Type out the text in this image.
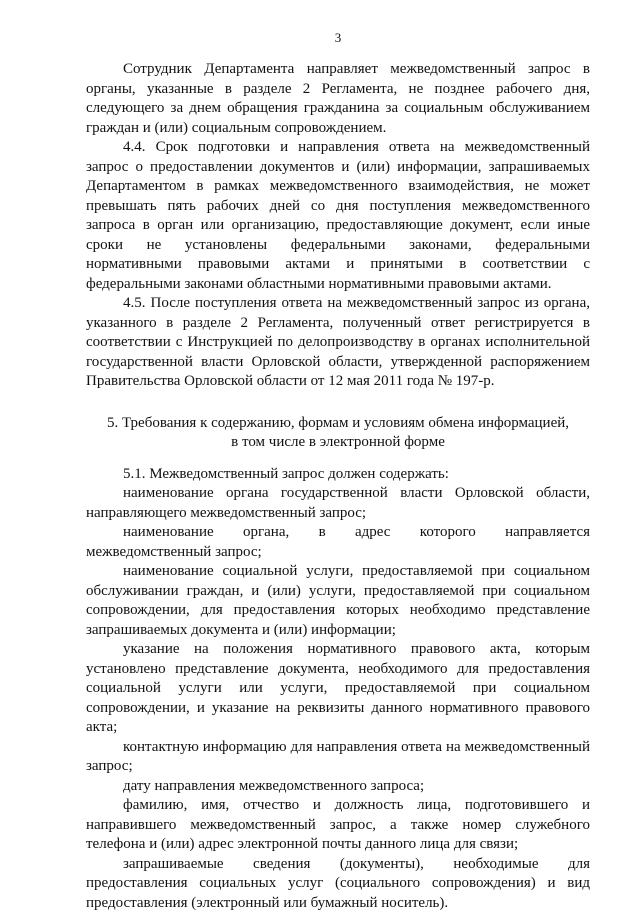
3

Сотрудник Департамента направляет межведомственный запрос в органы, указанные в разделе 2 Регламента, не позднее рабочего дня, следующего за днем обращения гражданина за социальным обслуживанием граждан и (или) социальным сопровождением.

4.4. Срок подготовки и направления ответа на межведомственный запрос о предоставлении документов и (или) информации, запрашиваемых Департаментом в рамках межведомственного взаимодействия, не может превышать пять рабочих дней со дня поступления межведомственного запроса в орган или организацию, предоставляющие документ, если иные сроки не установлены федеральными законами, федеральными нормативными правовыми актами и принятыми в соответствии с федеральными законами областными нормативными правовыми актами.

4.5. После поступления ответа на межведомственный запрос из органа, указанного в разделе 2 Регламента, полученный ответ регистрируется в соответствии с Инструкцией по делопроизводству в органах исполнительной государственной власти Орловской области, утвержденной распоряжением Правительства Орловской области от 12 мая 2011 года № 197-р.

5. Требования к содержанию, формам и условиям обмена информацией,
в том числе в электронной форме

5.1. Межведомственный запрос должен содержать:

наименование органа государственной власти Орловской области, направляющего межведомственный запрос;

наименование органа, в адрес которого направляется межведомственный запрос;

наименование социальной услуги, предоставляемой при социальном обслуживании граждан, и (или) услуги, предоставляемой при социальном сопровождении, для предоставления которых необходимо представление запрашиваемых документа и (или) информации;

указание на положения нормативного правового акта, которым установлено представление документа, необходимого для предоставления социальной услуги или услуги, предоставляемой при социальном сопровождении, и указание на реквизиты данного нормативного правового акта;

контактную информацию для направления ответа на межведомственный запрос;

дату направления межведомственного запроса;

фамилию, имя, отчество и должность лица, подготовившего и направившего межведомственный запрос, а также номер служебного телефона и (или) адрес электронной почты данного лица для связи;

запрашиваемые сведения (документы), необходимые для предоставления социальных услуг (социального сопровождения) и вид предоставления (электронный или бумажный носитель).
